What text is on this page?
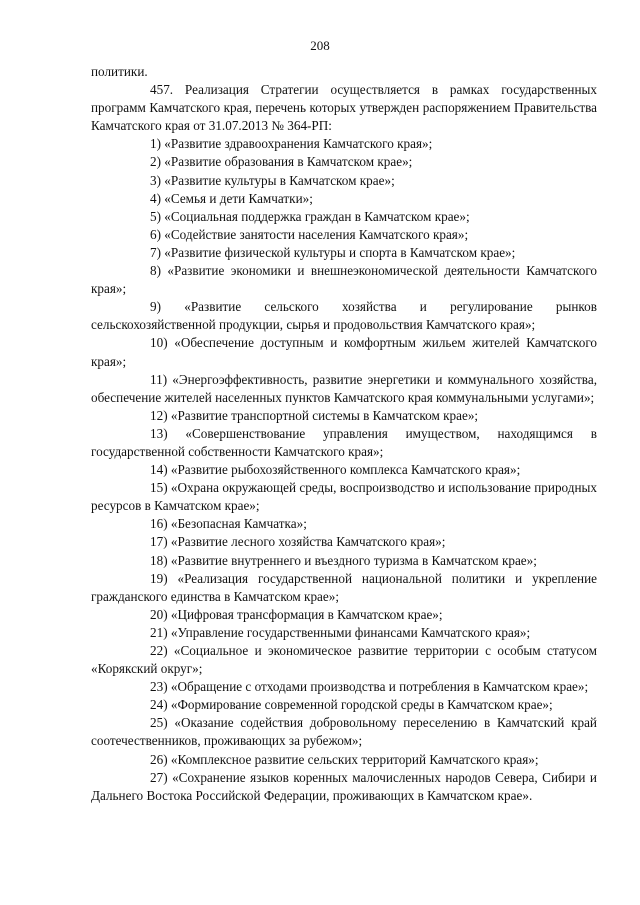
208

политики.

457. Реализация Стратегии осуществляется в рамках государственных программ Камчатского края, перечень которых утвержден распоряжением Правительства Камчатского края от 31.07.2013 № 364-РП:

1) «Развитие здравоохранения Камчатского края»;

2) «Развитие образования в Камчатском крае»;

3) «Развитие культуры в Камчатском крае»;

4) «Семья и дети Камчатки»;

5) «Социальная поддержка граждан в Камчатском крае»;

6) «Содействие занятости населения Камчатского края»;

7) «Развитие физической культуры и спорта в Камчатском крае»;

8) «Развитие экономики и внешнеэкономической деятельности Камчатского края»;

9) «Развитие сельского хозяйства и регулирование рынков сельскохозяйственной продукции, сырья и продовольствия Камчатского края»;

10) «Обеспечение доступным и комфортным жильем жителей Камчатского края»;

11) «Энергоэффективность, развитие энергетики и коммунального хозяйства, обеспечение жителей населенных пунктов Камчатского края коммунальными услугами»;

12) «Развитие транспортной системы в Камчатском крае»;

13) «Совершенствование управления имуществом, находящимся в государственной собственности Камчатского края»;

14) «Развитие рыбохозяйственного комплекса Камчатского края»;

15) «Охрана окружающей среды, воспроизводство и использование природных ресурсов в Камчатском крае»;

16) «Безопасная Камчатка»;

17) «Развитие лесного хозяйства Камчатского края»;

18) «Развитие внутреннего и въездного туризма в Камчатском крае»;

19) «Реализация государственной национальной политики и укрепление гражданского единства в Камчатском крае»;

20) «Цифровая трансформация в Камчатском крае»;

21) «Управление государственными финансами Камчатского края»;

22) «Социальное и экономическое развитие территории с особым статусом «Корякский округ»;

23) «Обращение с отходами производства и потребления в Камчатском крае»;

24) «Формирование современной городской среды в Камчатском крае»;

25) «Оказание содействия добровольному переселению в Камчатский край соотечественников, проживающих за рубежом»;

26) «Комплексное развитие сельских территорий Камчатского края»;

27) «Сохранение языков коренных малочисленных народов Севера, Сибири и Дальнего Востока Российской Федерации, проживающих в Камчатском крае».
